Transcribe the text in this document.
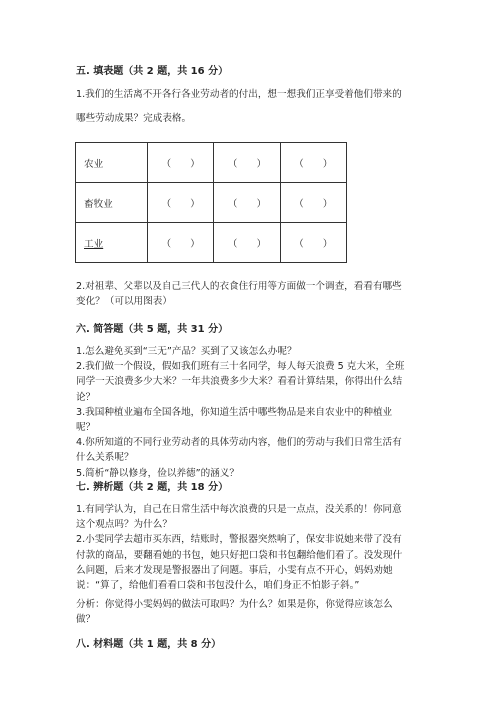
五. 填表题（共 2 题，共 16 分）
1.我们的生活离不开各行各业劳动者的付出，想一想我们正享受着他们带来的
哪些劳动成果？完成表格。
农业	（　　）	（　　）	（　　）
畜牧业	（　　）	（　　）	（　　）
工业	（　　）	（　　）	（　　）
2.对祖辈、父辈以及自己三代人的衣食住行用等方面做一个调查，看看有哪些
变化？（可以用图表）
六. 简答题（共 5 题，共 31 分）
1.怎么避免买到“三无”产品？买到了又该怎么办呢？
2.我们做一个假设，假如我们班有三十名同学，每人每天浪费 5 克大米，全班
同学一天浪费多少大米？一年共浪费多少大米？看看计算结果，你得出什么结
论？
3.我国种植业遍布全国各地，你知道生活中哪些物品是来自农业中的种植业
呢？
4.你所知道的不同行业劳动者的具体劳动内容，他们的劳动与我们日常生活有
什么关系呢？
5.简析“静以修身，俭以养德”的涵义？
七. 辨析题（共 2 题，共 18 分）
1.有同学认为，自己在日常生活中每次浪费的只是一点点，没关系的！你同意
这个观点吗？为什么？
2.小雯同学去超市买东西，结账时，警报器突然响了，保安非说她来带了没有
付款的商品，要翻看她的书包，她只好把口袋和书包翻给他们看了。没发现什
么问题，后来才发现是警报器出了问题。事后，小雯有点不开心，妈妈劝她
说：“算了，给他们看看口袋和书包没什么，咱们身正不怕影子斜。”
分析：你觉得小雯妈妈的做法可取吗？为什么？如果是你，你觉得应该怎么
做？
八. 材料题（共 1 题，共 8 分）
